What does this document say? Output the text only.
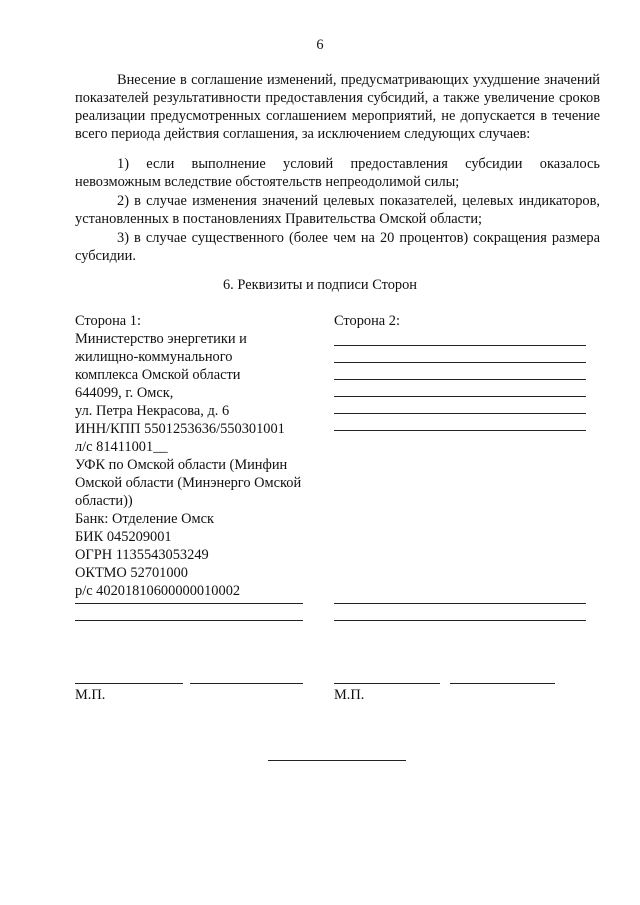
6

Внесение в соглашение изменений, предусматривающих ухудшение значений показателей результативности предоставления субсидий, а также увеличение сроков реализации предусмотренных соглашением мероприятий, не допускается в течение всего периода действия соглашения, за исключением следующих случаев:

1) если выполнение условий предоставления субсидии оказалось невозможным вследствие обстоятельств непреодолимой силы;

2) в случае изменения значений целевых показателей, целевых индикаторов, установленных в постановлениях Правительства Омской области;

3) в случае существенного (более чем на 20 процентов) сокращения размера субсидии.

6. Реквизиты и подписи Сторон
Сторона 1:
Министерство энергетики и
жилищно-коммунального
комплекса Омской области
644099, г. Омск,
ул. Петра Некрасова, д. 6
ИНН/КПП 5501253636/550301001
л/с 81411001__
УФК по Омской области (Минфин
Омской области (Минэнерго Омской
области))
Банк: Отделение Омск
БИК 045209001
ОГРН 1135543053249
ОКТМО 52701000
р/с 40201810600000010002
Сторона 2:
М.П.	М.П.
